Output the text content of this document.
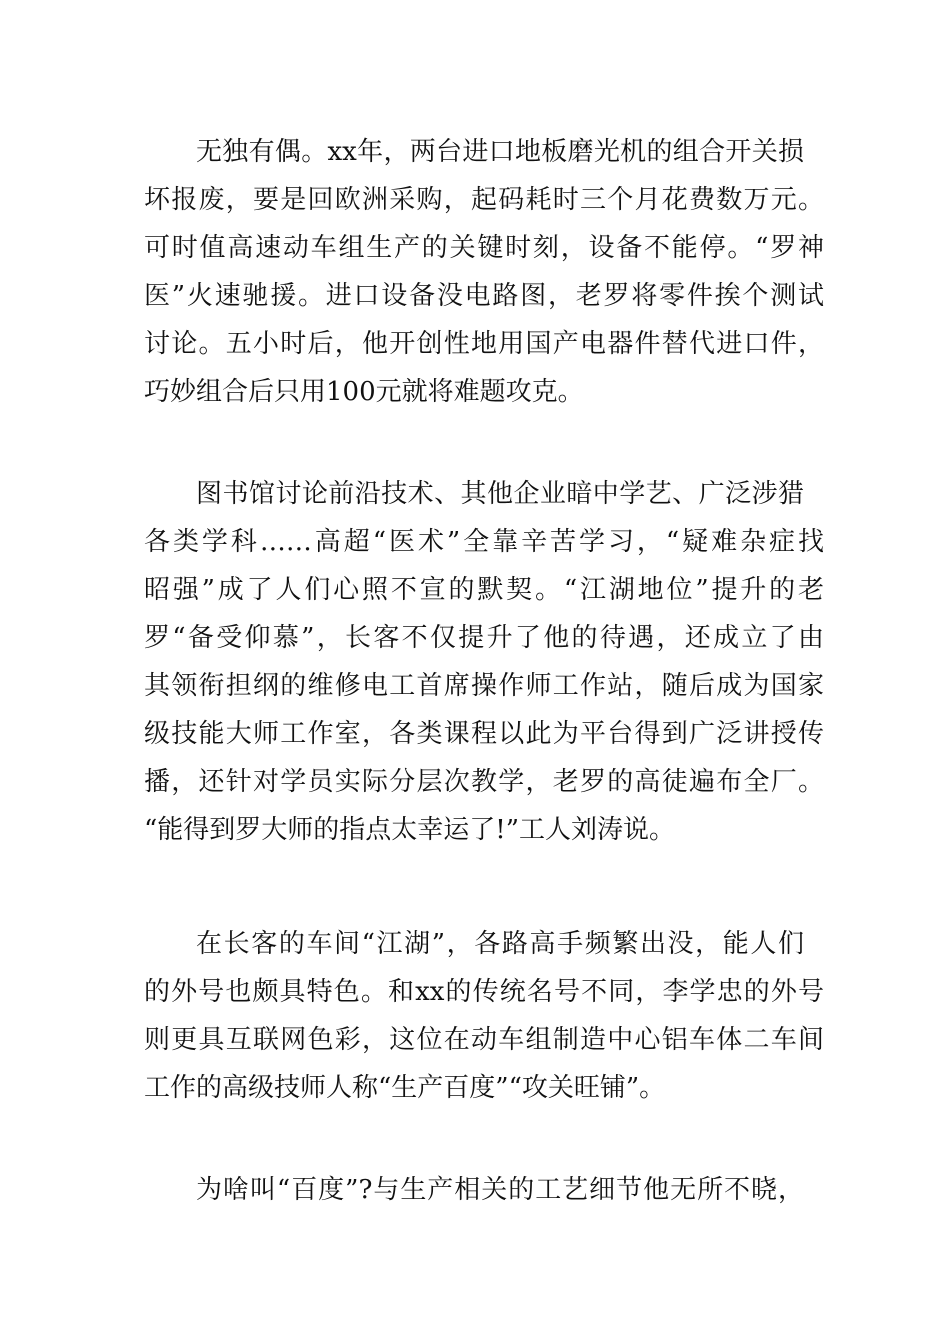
无独有偶。xx年，两台进口地板磨光机的组合开关损
坏报废，要是回欧洲采购，起码耗时三个月花费数万元。
可时值高速动车组生产的关键时刻，设备不能停。“罗神
医”火速驰援。进口设备没电路图，老罗将零件挨个测试
讨论。五小时后，他开创性地用国产电器件替代进口件，
巧妙组合后只用100元就将难题攻克。
图书馆讨论前沿技术、其他企业暗中学艺、广泛涉猎
各类学科……高超“医术”全靠辛苦学习，“疑难杂症找
昭强”成了人们心照不宣的默契。“江湖地位”提升的老
罗“备受仰慕”，长客不仅提升了他的待遇，还成立了由
其领衔担纲的维修电工首席操作师工作站，随后成为国家
级技能大师工作室，各类课程以此为平台得到广泛讲授传
播，还针对学员实际分层次教学，老罗的高徒遍布全厂。
“能得到罗大师的指点太幸运了!”工人刘涛说。
在长客的车间“江湖”，各路高手频繁出没，能人们
的外号也颇具特色。和xx的传统名号不同，李学忠的外号
则更具互联网色彩，这位在动车组制造中心铝车体二车间
工作的高级技师人称“生产百度”“攻关旺铺”。
为啥叫“百度”?与生产相关的工艺细节他无所不晓，
